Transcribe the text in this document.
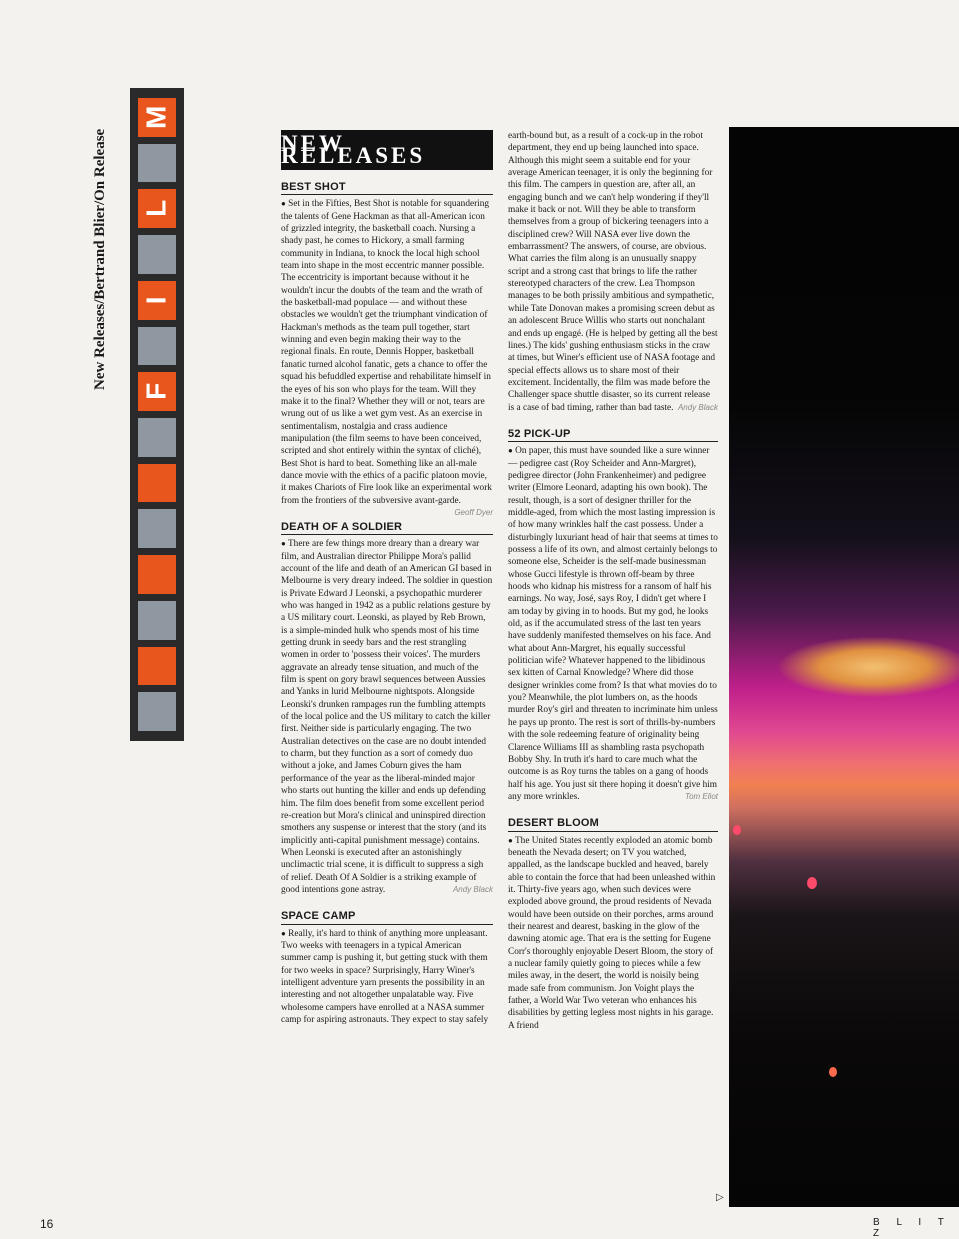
New Releases/Bertrand Blier/On Release
M
L
I
F
NEW RELEASES
BEST SHOT

● Set in the Fifties, Best Shot is notable for squandering the talents of Gene Hackman as that all-American icon of grizzled integrity, the basketball coach. Nursing a shady past, he comes to Hickory, a small farming community in Indiana, to knock the local high school team into shape in the most eccentric manner possible. The eccentricity is important because without it he wouldn't incur the doubts of the team and the wrath of the basketball-mad populace — and without these obstacles we wouldn't get the triumphant vindication of Hackman's methods as the team pull together, start winning and even begin making their way to the regional finals. En route, Dennis Hopper, basketball fanatic turned alcohol fanatic, gets a chance to offer the squad his befuddled expertise and rehabilitate himself in the eyes of his son who plays for the team. Will they make it to the final? Whether they will or not, tears are wrung out of us like a wet gym vest. As an exercise in sentimentalism, nostalgia and crass audience manipulation (the film seems to have been conceived, scripted and shot entirely within the syntax of cliché), Best Shot is hard to beat. Something like an all-male dance movie with the ethics of a pacific platoon movie, it makes Chariots of Fire look like an experimental work from the frontiers of the subversive avant-garde.
Geoff Dyer

DEATH OF A SOLDIER

● There are few things more dreary than a dreary war film, and Australian director Philippe Mora's pallid account of the life and death of an American GI based in Melbourne is very dreary indeed. The soldier in question is Private Edward J Leonski, a psychopathic murderer who was hanged in 1942 as a public relations gesture by a US military court. Leonski, as played by Reb Brown, is a simple-minded hulk who spends most of his time getting drunk in seedy bars and the rest strangling women in order to 'possess their voices'. The murders aggravate an already tense situation, and much of the film is spent on gory brawl sequences between Aussies and Yanks in lurid Melbourne nightspots. Alongside Leonski's drunken rampages run the fumbling attempts of the local police and the US military to catch the killer first. Neither side is particularly engaging. The two Australian detectives on the case are no doubt intended to charm, but they function as a sort of comedy duo without a joke, and James Coburn gives the ham performance of the year as the liberal-minded major who starts out hunting the killer and ends up defending him. The film does benefit from some excellent period re-creation but Mora's clinical and uninspired direction smothers any suspense or interest that the story (and its implicitly anti-capital punishment message) contains. When Leonski is executed after an astonishingly unclimactic trial scene, it is difficult to suppress a sigh of relief. Death Of A Soldier is a striking example of good intentions gone astray.	Andy Black

SPACE CAMP

● Really, it's hard to think of anything more unpleasant. Two weeks with teenagers in a typical American summer camp is pushing it, but getting stuck with them for two weeks in space? Surprisingly, Harry Winer's intelligent adventure yarn presents the possibility in an interesting and not altogether unpalatable way. Five wholesome campers have enrolled at a NASA summer camp for aspiring astronauts. They expect to stay safely

earth-bound but, as a result of a cock-up in the robot department, they end up being launched into space. Although this might seem a suitable end for your average American teenager, it is only the beginning for this film. The campers in question are, after all, an engaging bunch and we can't help wondering if they'll make it back or not. Will they be able to transform themselves from a group of bickering teenagers into a disciplined crew? Will NASA ever live down the embarrassment? The answers, of course, are obvious. What carries the film along is an unusually snappy script and a strong cast that brings to life the rather stereotyped characters of the crew. Lea Thompson manages to be both prissily ambitious and sympathetic, while Tate Donovan makes a promising screen debut as an adolescent Bruce Willis who starts out nonchalant and ends up engagé. (He is helped by getting all the best lines.) The kids' gushing enthusiasm sticks in the craw at times, but Winer's efficient use of NASA footage and special effects allows us to share most of their excitement. Incidentally, the film was made before the Challenger space shuttle disaster, so its current release is a case of bad timing, rather than bad taste. Andy Black

52 PICK-UP

● On paper, this must have sounded like a sure winner — pedigree cast (Roy Scheider and Ann-Margret), pedigree director (John Frankenheimer) and pedigree writer (Elmore Leonard, adapting his own book). The result, though, is a sort of designer thriller for the middle-aged, from which the most lasting impression is of how many wrinkles half the cast possess. Under a disturbingly luxuriant head of hair that seems at times to possess a life of its own, and almost certainly belongs to someone else, Scheider is the self-made businessman whose Gucci lifestyle is thrown off-beam by three hoods who kidnap his mistress for a ransom of half his earnings. No way, José, says Roy, I didn't get where I am today by giving in to hoods. But my god, he looks old, as if the accumulated stress of the last ten years have suddenly manifested themselves on his face. And what about Ann-Margret, his equally successful politician wife? Whatever happened to the libidinous sex kitten of Carnal Knowledge? Where did those designer wrinkles come from? Is that what movies do to you? Meanwhile, the plot lumbers on, as the hoods murder Roy's girl and threaten to incriminate him unless he pays up pronto. The rest is sort of thrills-by-numbers with the sole redeeming feature of originality being Clarence Williams III as shambling rasta psychopath Bobby Shy. In truth it's hard to care much what the outcome is as Roy turns the tables on a gang of hoods half his age. You just sit there hoping it doesn't give him any more wrinkles.	Tom Eliot

DESERT BLOOM

● The United States recently exploded an atomic bomb beneath the Nevada desert; on TV you watched, appalled, as the landscape buckled and heaved, barely able to contain the force that had been unleashed within it. Thirty-five years ago, when such devices were exploded above ground, the proud residents of Nevada would have been outside on their porches, arms around their nearest and dearest, basking in the glow of the dawning atomic age. That era is the setting for Eugene Corr's thoroughly enjoyable Desert Bloom, the story of a nuclear family quietly going to pieces while a few miles away, in the desert, the world is noisily being made safe from communism. Jon Voight plays the father, a World War Two veteran who enhances his disabilities by getting legless most nights in his garage. A friend

▷
16	B L I T Z
